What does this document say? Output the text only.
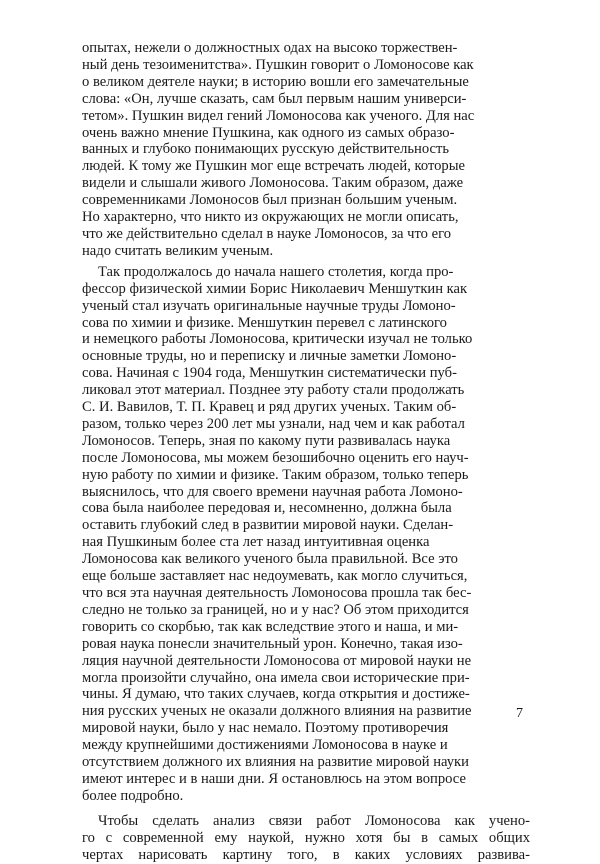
опытах, нежели о должностных одах на высоко торжествен-
ный день тезоименитства». Пушкин говорит о Ломоносове как
о великом деятеле науки; в историю вошли его замечательные
слова: «Он, лучше сказать, сам был первым нашим универси-
тетом». Пушкин видел гений Ломоносова как ученого. Для нас
очень важно мнение Пушкина, как одного из самых образо-
ванных и глубоко понимающих русскую действительность
людей. К тому же Пушкин мог еще встречать людей, которые
видели и слышали живого Ломоносова. Таким образом, даже
современниками Ломоносов был признан большим ученым.
Но характерно, что никто из окружающих не могли описать,
что же действительно сделал в науке Ломоносов, за что его
надо считать великим ученым.

Так продолжалось до начала нашего столетия, когда про-
фессор физической химии Борис Николаевич Меншуткин как
ученый стал изучать оригинальные научные труды Ломоно-
сова по химии и физике. Меншуткин перевел с латинского
и немецкого работы Ломоносова, критически изучал не только
основные труды, но и переписку и личные заметки Ломоно-
сова. Начиная с 1904 года, Меншуткин систематически пуб-
ликовал этот материал. Позднее эту работу стали продолжать
С. И. Вавилов, Т. П. Кравец и ряд других ученых. Таким об-
разом, только через 200 лет мы узнали, над чем и как работал
Ломоносов. Теперь, зная по какому пути развивалась наука
после Ломоносова, мы можем безошибочно оценить его науч-
ную работу по химии и физике. Таким образом, только теперь
выяснилось, что для своего времени научная работа Ломоно-
сова была наиболее передовая и, несомненно, должна была
оставить глубокий след в развитии мировой науки. Сделан-
ная Пушкиным более ста лет назад интуитивная оценка
Ломоносова как великого ученого была правильной. Все это
еще больше заставляет нас недоумевать, как могло случиться,
что вся эта научная деятельность Ломоносова прошла так бес-
следно не только за границей, но и у нас? Об этом приходится
говорить со скорбью, так как вследствие этого и наша, и ми-
ровая наука понесли значительный урон. Конечно, такая изо-
ляция научной деятельности Ломоносова от мировой науки не
могла произойти случайно, она имела свои исторические при-
чины. Я думаю, что таких случаев, когда открытия и достиже-
ния русских ученых не оказали должного влияния на развитие
мировой науки, было у нас немало. Поэтому противоречия
между крупнейшими достижениями Ломоносова в науке и
отсутствием должного их влияния на развитие мировой науки
имеют интерес и в наши дни. Я остановлюсь на этом вопросе
более подробно.

Чтобы сделать анализ связи работ Ломоносова как учено-
го с современной ему наукой, нужно хотя бы в самых общих
чертах нарисовать картину того, в каких условиях развива-

7
